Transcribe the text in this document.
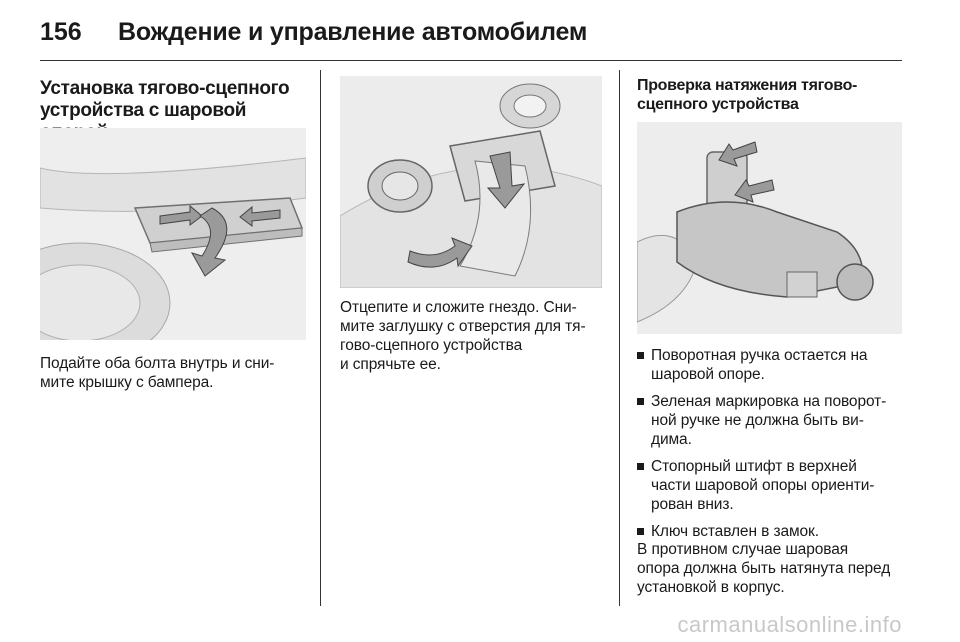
156 Вождение и управление автомобилем
Установка тягово-сцепного
устройства с шаровой

Подайте оба болта внутрь и сни-
мите крышку с бампера.

Отцепите и сложите гнездо. Сни-
мите заглушку с отверстия для тя-
гово-сцепного устройства
и спрячьте ее.

Проверка натяжения тягово-
сцепного устройства
Поворотная ручка остается на
шаровой опоре.
Зеленая маркировка на поворот-
ной ручке не должна быть ви-
дима.
Стопорный штифт в верхней
части шаровой опоры ориенти-
рован вниз.
Ключ вставлен в замок.

В противном случае шаровая
опора должна быть натянута перед
установкой в корпус.

carmanualsonline.info
